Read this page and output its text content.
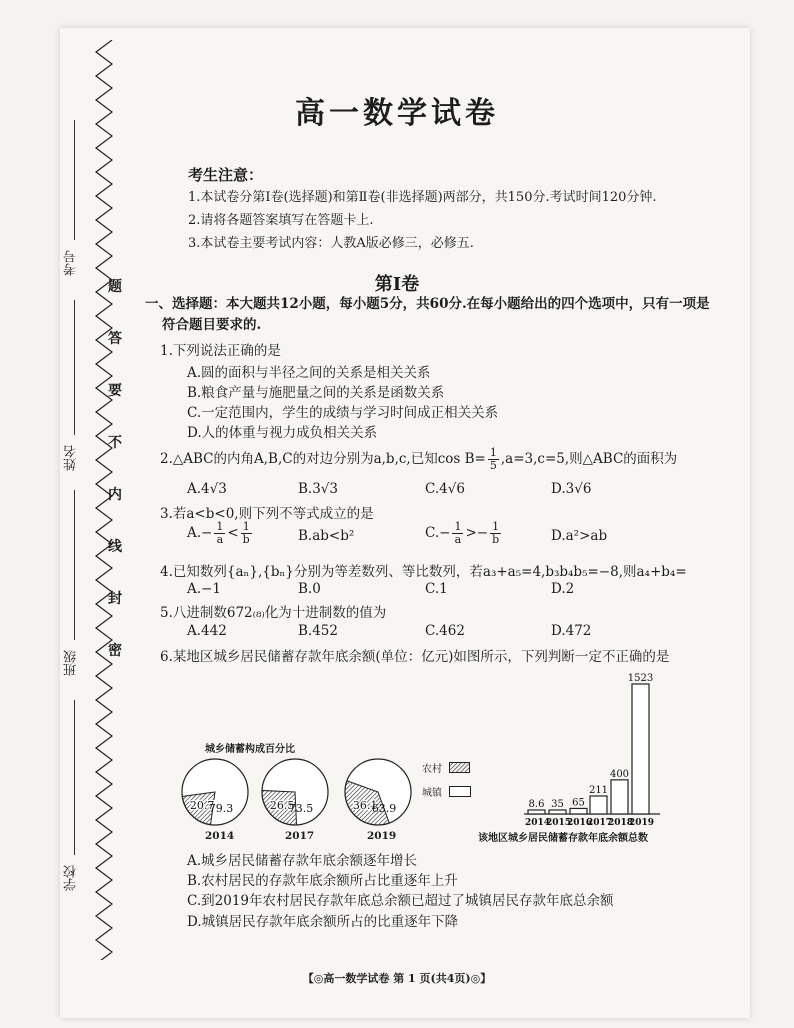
考号
姓名
班级
学校
密
封
线
内
不
要
答
题
高一数学试卷
考生注意：
1.本试卷分第Ⅰ卷(选择题)和第Ⅱ卷(非选择题)两部分，共150分.考试时间120分钟.
2.请将各题答案填写在答题卡上.
3.本试卷主要考试内容：人教A版必修三，必修五.
第Ⅰ卷
一、选择题：本大题共12小题，每小题5分，共60分.在每小题给出的四个选项中，只有一项是
符合题目要求的.
1.下列说法正确的是
A.圆的面积与半径之间的关系是相关关系
B.粮食产量与施肥量之间的关系是函数关系
C.一定范围内，学生的成绩与学习时间成正相关关系
D.人的体重与视力成负相关关系
2.△ABC的内角A,B,C的对边分别为a,b,c,已知$\cos B= \frac{1}{5} ,a=3,c=5$,则△ABC的面积为
A.4√3	B.3√3	C.4√6	D.3√6
3.若a<b<0,则下列不等式成立的是
$A.- \frac{1}{a} < \frac{1}{b}$	B.ab<b²	$C.- \frac{1}{a} >- \frac{1}{b}$	D.a²>ab
4.已知数列{aₙ},{bₙ}分别为等差数列、等比数列，若a₃+a₅=4,b₃b₄b₅=−8,则a₄+b₄=
A.−1	B.0	C.1	D.2
5.八进制数672₍₈₎化为十进制数的值为
A.442	B.452	C.462	D.472
6.某地区城乡居民储蓄存款年底余额(单位：亿元)如图所示，下列判断一定不正确的是
城乡储蓄构成百分比
20.7
79.3	26.5
73.5	36.1
63.9
2014	2017	2019
农村
城镇
8.6
2014
35
2015
65
2016
211
2017
400
2018
1523
2019
该地区城乡居民储蓄存款年底余额总数
A.城乡居民储蓄存款年底余额逐年增长
B.农村居民的存款年底余额所占比重逐年上升
C.到2019年农村居民存款年底总余额已超过了城镇居民存款年底总余额
D.城镇居民存款年底余额所占的比重逐年下降
【◎高一数学试卷 第 1 页(共4页)◎】
